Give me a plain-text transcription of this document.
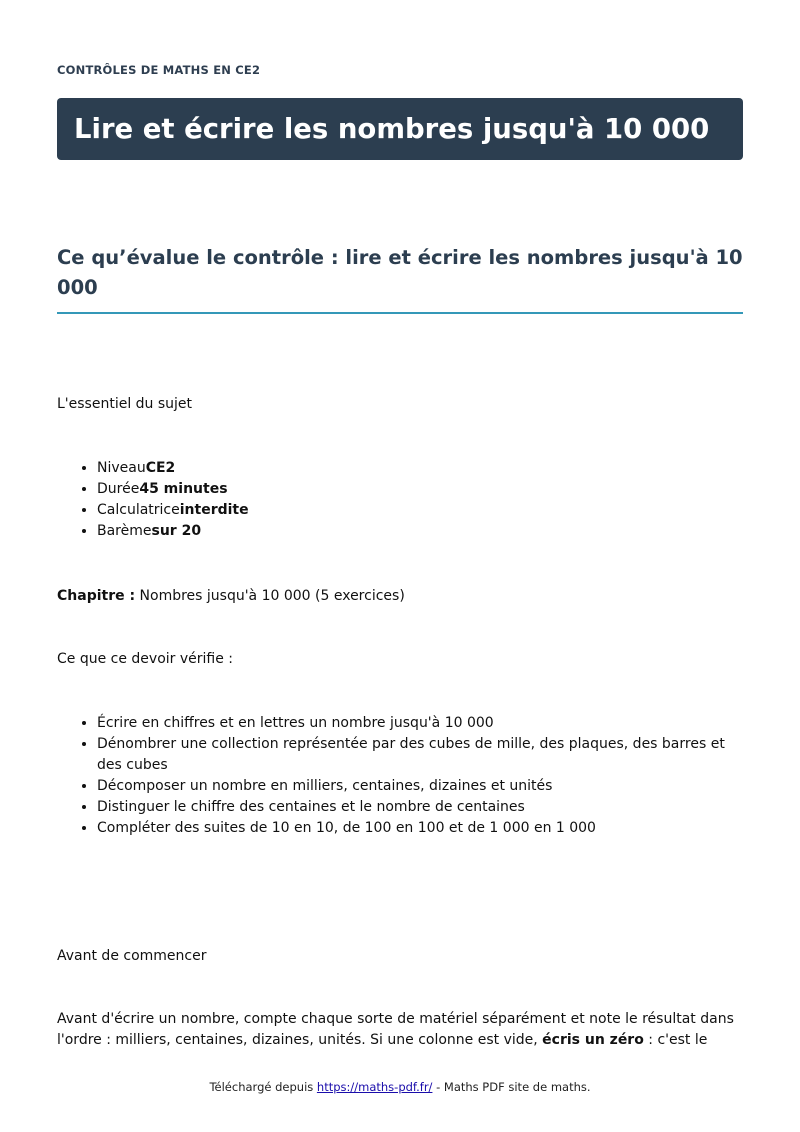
CONTRÔLES DE MATHS EN CE2
Lire et écrire les nombres jusqu'à 10 000
Ce qu’évalue le contrôle : lire et écrire les nombres jusqu'à 10 000
L'essentiel du sujet
• NiveauCE2
• Durée45 minutes
• Calculatriceinterdite
• Barèmesur 20
Chapitre : Nombres jusqu'à 10 000 (5 exercices)
Ce que ce devoir vérifie :
• Écrire en chiffres et en lettres un nombre jusqu'à 10 000
• Dénombrer une collection représentée par des cubes de mille, des plaques, des barres et des cubes
• Décomposer un nombre en milliers, centaines, dizaines et unités
• Distinguer le chiffre des centaines et le nombre de centaines
• Compléter des suites de 10 en 10, de 100 en 100 et de 1 000 en 1 000
Avant de commencer
Avant d'écrire un nombre, compte chaque sorte de matériel séparément et note le résultat dans l'ordre : milliers, centaines, dizaines, unités. Si une colonne est vide, écris un zéro : c'est le
Téléchargé depuis https://maths-pdf.fr/ - Maths PDF site de maths.
